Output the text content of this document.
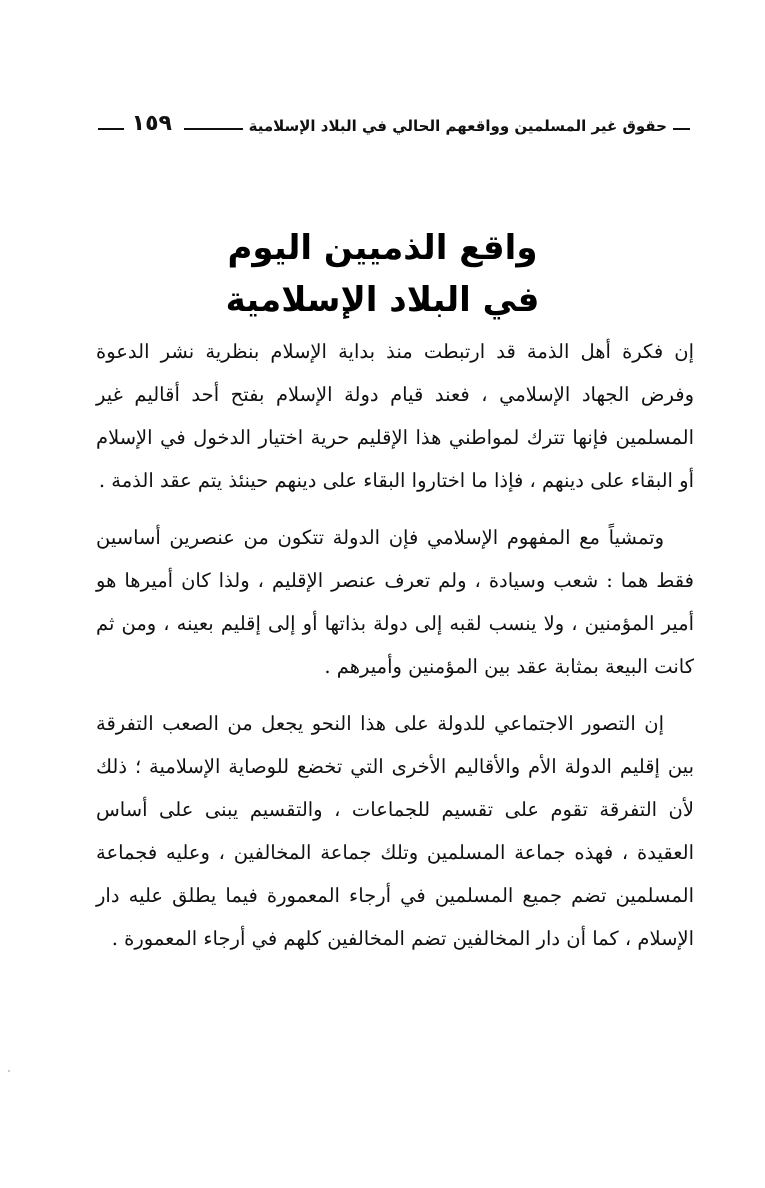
حقوق غير المسلمين وواقعهم الحالي في البلاد الإسلامية
١٥٩
واقع الذميين اليوم
في البلاد الإسلامية

إن فكرة أهل الذمة قد ارتبطت منذ بداية الإسلام بنظرية نشر الدعوة وفرض الجهاد الإسلامي ، فعند قيام دولة الإسلام بفتح أحد أقاليم غير المسلمين فإنها تترك لمواطني هذا الإقليم حرية اختيار الدخول في الإسلام أو البقاء على دينهم ، فإذا ما اختاروا البقاء على دينهم حينئذ يتم عقد الذمة .

وتمشياً مع المفهوم الإسلامي فإن الدولة تتكون من عنصرين أساسين فقط هما : شعب وسيادة ، ولم تعرف عنصر الإقليم ، ولذا كان أميرها هو أمير المؤمنين ، ولا ينسب لقبه إلى دولة بذاتها أو إلى إقليم بعينه ، ومن ثم كانت البيعة بمثابة عقد بين المؤمنين وأميرهم .

إن التصور الاجتماعي للدولة على هذا النحو يجعل من الصعب التفرقة بين إقليم الدولة الأم والأقاليم الأخرى التي تخضع للوصاية الإسلامية ؛ ذلك لأن التفرقة تقوم على تقسيم للجماعات ، والتقسيم يبنى على أساس العقيدة ، فهذه جماعة المسلمين وتلك جماعة المخالفين ، وعليه فجماعة المسلمين تضم جميع المسلمين في أرجاء المعمورة فيما يطلق عليه دار الإسلام ، كما أن دار المخالفين تضم المخالفين كلهم في أرجاء المعمورة .
